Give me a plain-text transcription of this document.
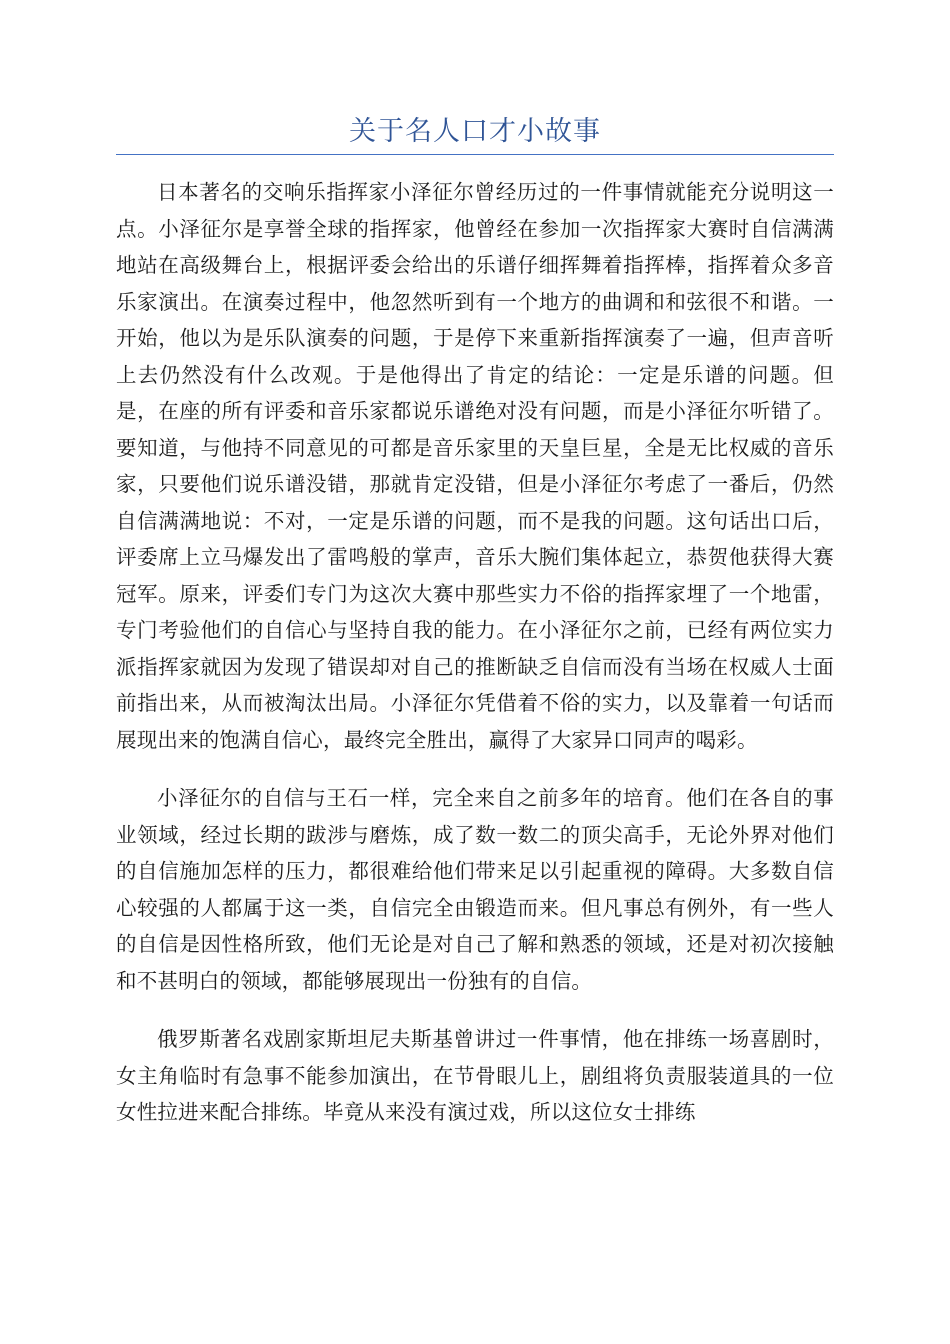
关于名人口才小故事

日本著名的交响乐指挥家小泽征尔曾经历过的一件事情就能充分说明这一点。小泽征尔是享誉全球的指挥家，他曾经在参加一次指挥家大赛时自信满满地站在高级舞台上，根据评委会给出的乐谱仔细挥舞着指挥棒，指挥着众多音乐家演出。在演奏过程中，他忽然听到有一个地方的曲调和和弦很不和谐。一开始，他以为是乐队演奏的问题，于是停下来重新指挥演奏了一遍，但声音听上去仍然没有什么改观。于是他得出了肯定的结论：一定是乐谱的问题。但是，在座的所有评委和音乐家都说乐谱绝对没有问题，而是小泽征尔听错了。要知道，与他持不同意见的可都是音乐家里的天皇巨星，全是无比权威的音乐家，只要他们说乐谱没错，那就肯定没错，但是小泽征尔考虑了一番后，仍然自信满满地说：不对，一定是乐谱的问题，而不是我的问题。这句话出口后，评委席上立马爆发出了雷鸣般的掌声，音乐大腕们集体起立，恭贺他获得大赛冠军。原来，评委们专门为这次大赛中那些实力不俗的指挥家埋了一个地雷，专门考验他们的自信心与坚持自我的能力。在小泽征尔之前，已经有两位实力派指挥家就因为发现了错误却对自己的推断缺乏自信而没有当场在权威人士面前指出来，从而被淘汰出局。小泽征尔凭借着不俗的实力，以及靠着一句话而展现出来的饱满自信心，最终完全胜出，赢得了大家异口同声的喝彩。

小泽征尔的自信与王石一样，完全来自之前多年的培育。他们在各自的事业领域，经过长期的跋涉与磨炼，成了数一数二的顶尖高手，无论外界对他们的自信施加怎样的压力，都很难给他们带来足以引起重视的障碍。大多数自信心较强的人都属于这一类，自信完全由锻造而来。但凡事总有例外，有一些人的自信是因性格所致，他们无论是对自己了解和熟悉的领域，还是对初次接触和不甚明白的领域，都能够展现出一份独有的自信。

俄罗斯著名戏剧家斯坦尼夫斯基曾讲过一件事情，他在排练一场喜剧时，女主角临时有急事不能参加演出，在节骨眼儿上，剧组将负责服装道具的一位女性拉进来配合排练。毕竟从来没有演过戏，所以这位女士排练
